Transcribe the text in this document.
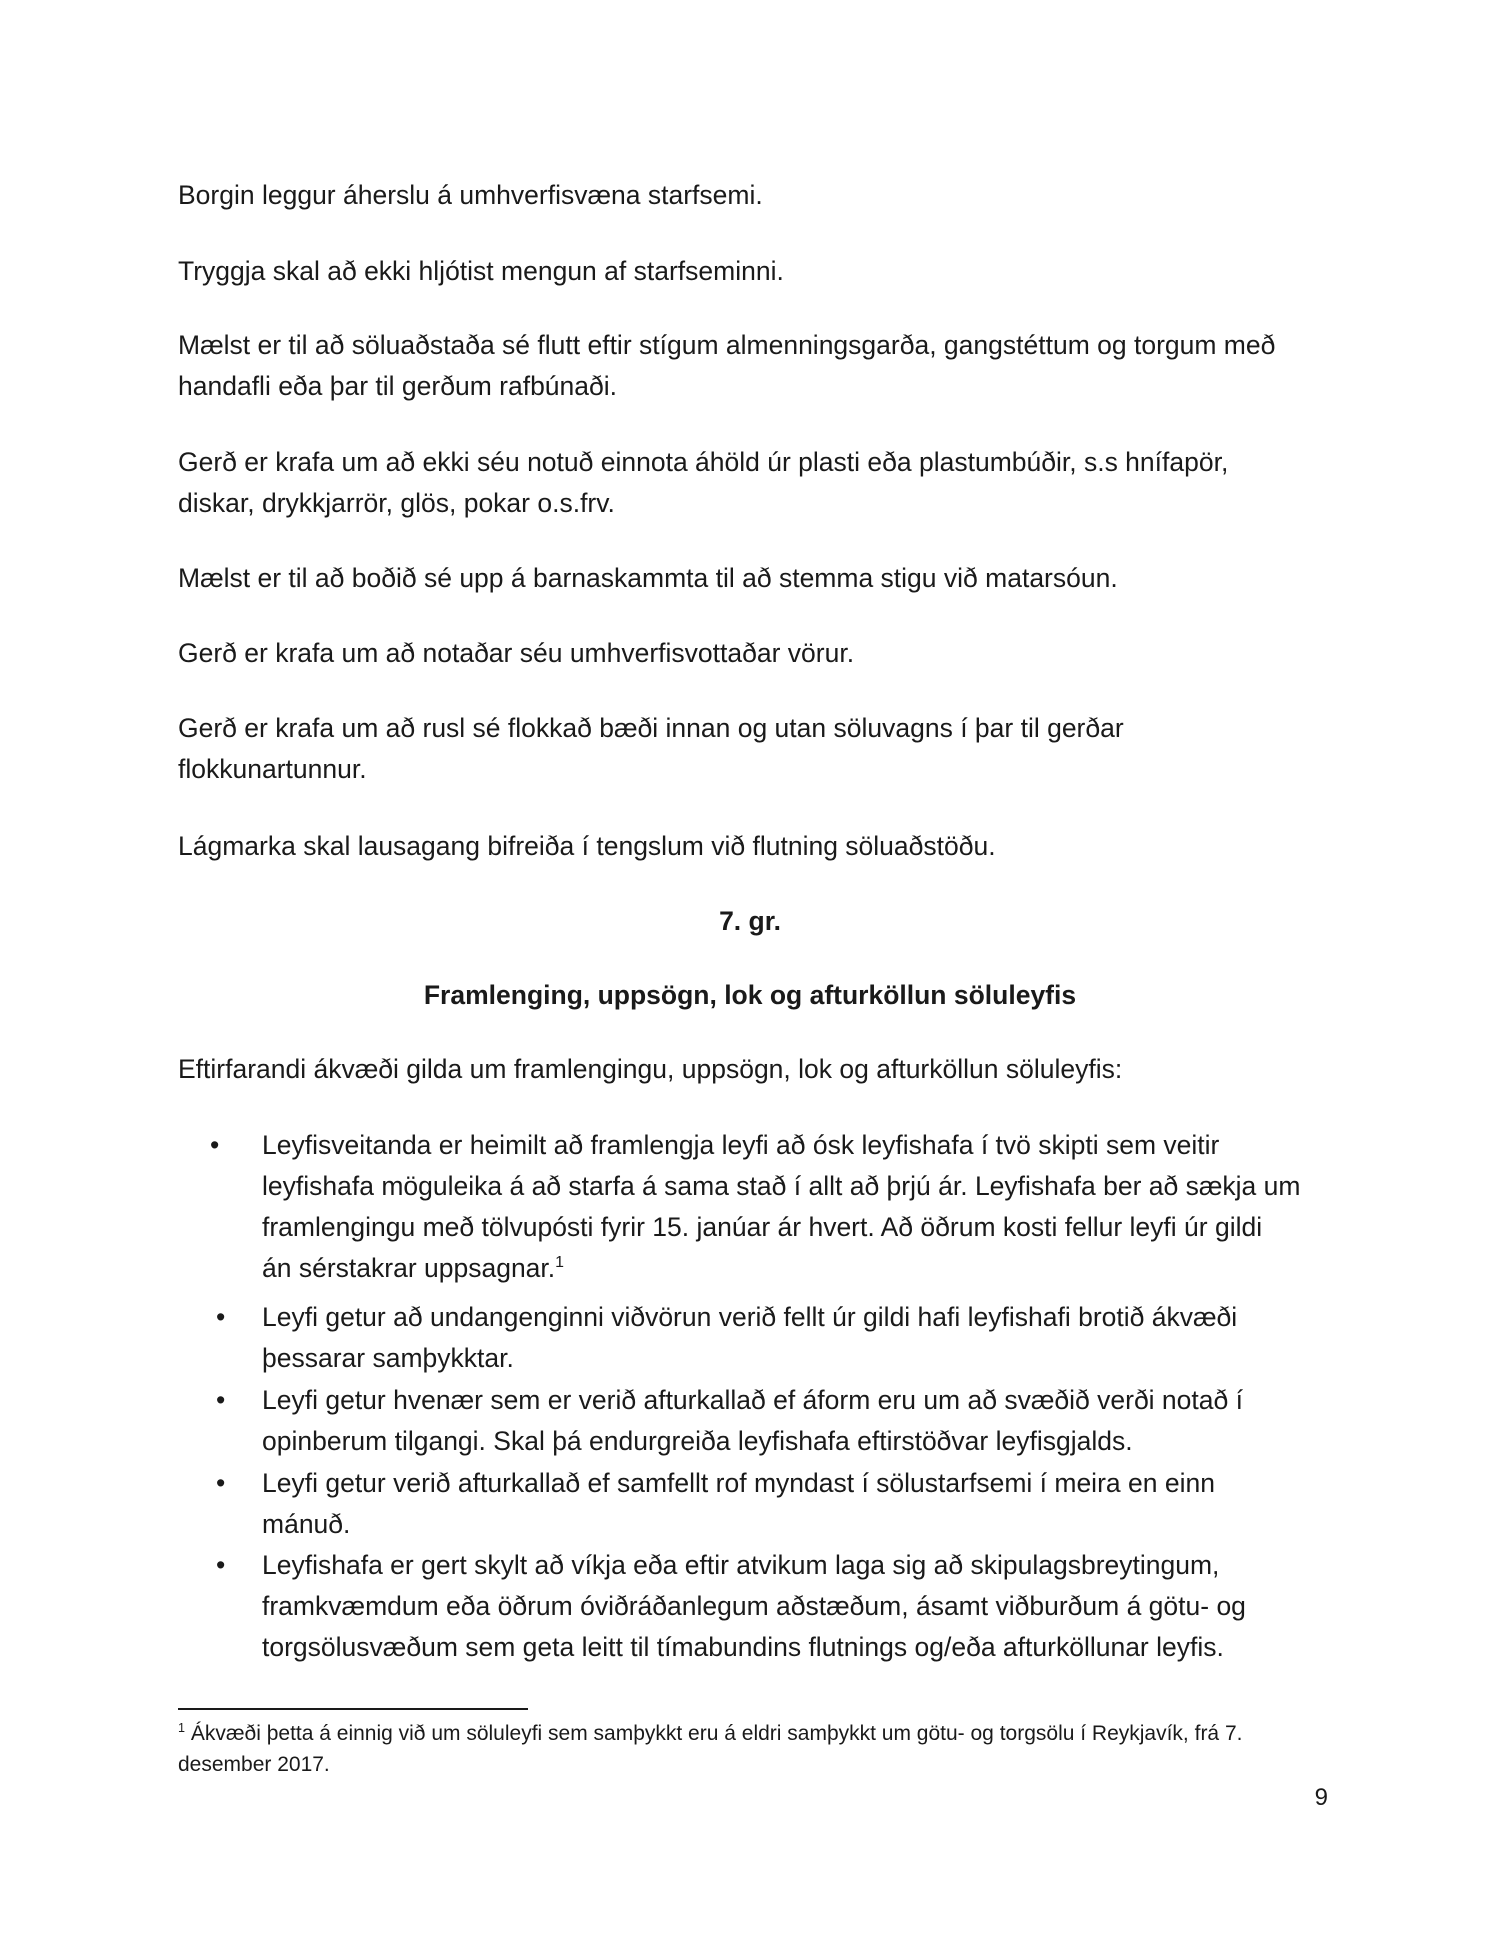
Borgin leggur áherslu á umhverfisvæna starfsemi.
Tryggja skal að ekki hljótist mengun af starfseminni.
Mælst er til að söluaðstaða sé flutt eftir stígum almenningsgarða, gangstéttum og torgum með
handafli eða þar til gerðum rafbúnaði.
Gerð er krafa um að ekki séu notuð einnota áhöld úr plasti eða plastumbúðir, s.s hnífapör,
diskar, drykkjarrör, glös, pokar o.s.frv.
Mælst er til að boðið sé upp á barnaskammta til að stemma stigu við matarsóun.
Gerð er krafa um að notaðar séu umhverfisvottaðar vörur.
Gerð er krafa um að rusl sé flokkað bæði innan og utan söluvagns í þar til gerðar
flokkunartunnur.
Lágmarka skal lausagang bifreiða í tengslum við flutning söluaðstöðu.
7. gr.
Framlenging, uppsögn, lok og afturköllun söluleyfis
Eftirfarandi ákvæði gilda um framlengingu, uppsögn, lok og afturköllun söluleyfis:
• Leyfisveitanda er heimilt að framlengja leyfi að ósk leyfishafa í tvö skipti sem veitir
leyfishafa möguleika á að starfa á sama stað í allt að þrjú ár. Leyfishafa ber að sækja um
framlengingu með tölvupósti fyrir 15. janúar ár hvert. Að öðrum kosti fellur leyfi úr gildi
án sérstakrar uppsagnar.$^1$
• Leyfi getur að undangenginni viðvörun verið fellt úr gildi hafi leyfishafi brotið ákvæði
þessarar samþykktar.
• Leyfi getur hvenær sem er verið afturkallað ef áform eru um að svæðið verði notað í
opinberum tilgangi. Skal þá endurgreiða leyfishafa eftirstöðvar leyfisgjalds.
• Leyfi getur verið afturkallað ef samfellt rof myndast í sölustarfsemi í meira en einn
mánuð.
• Leyfishafa er gert skylt að víkja eða eftir atvikum laga sig að skipulagsbreytingum,
framkvæmdum eða öðrum óviðráðanlegum aðstæðum, ásamt viðburðum á götu- og
torgsölusvæðum sem geta leitt til tímabundins flutnings og/eða afturköllunar leyfis.
$^1$ Ákvæði þetta á einnig við um söluleyfi sem samþykkt eru á eldri samþykkt um götu- og torgsölu í Reykjavík, frá 7.
desember 2017.
9
